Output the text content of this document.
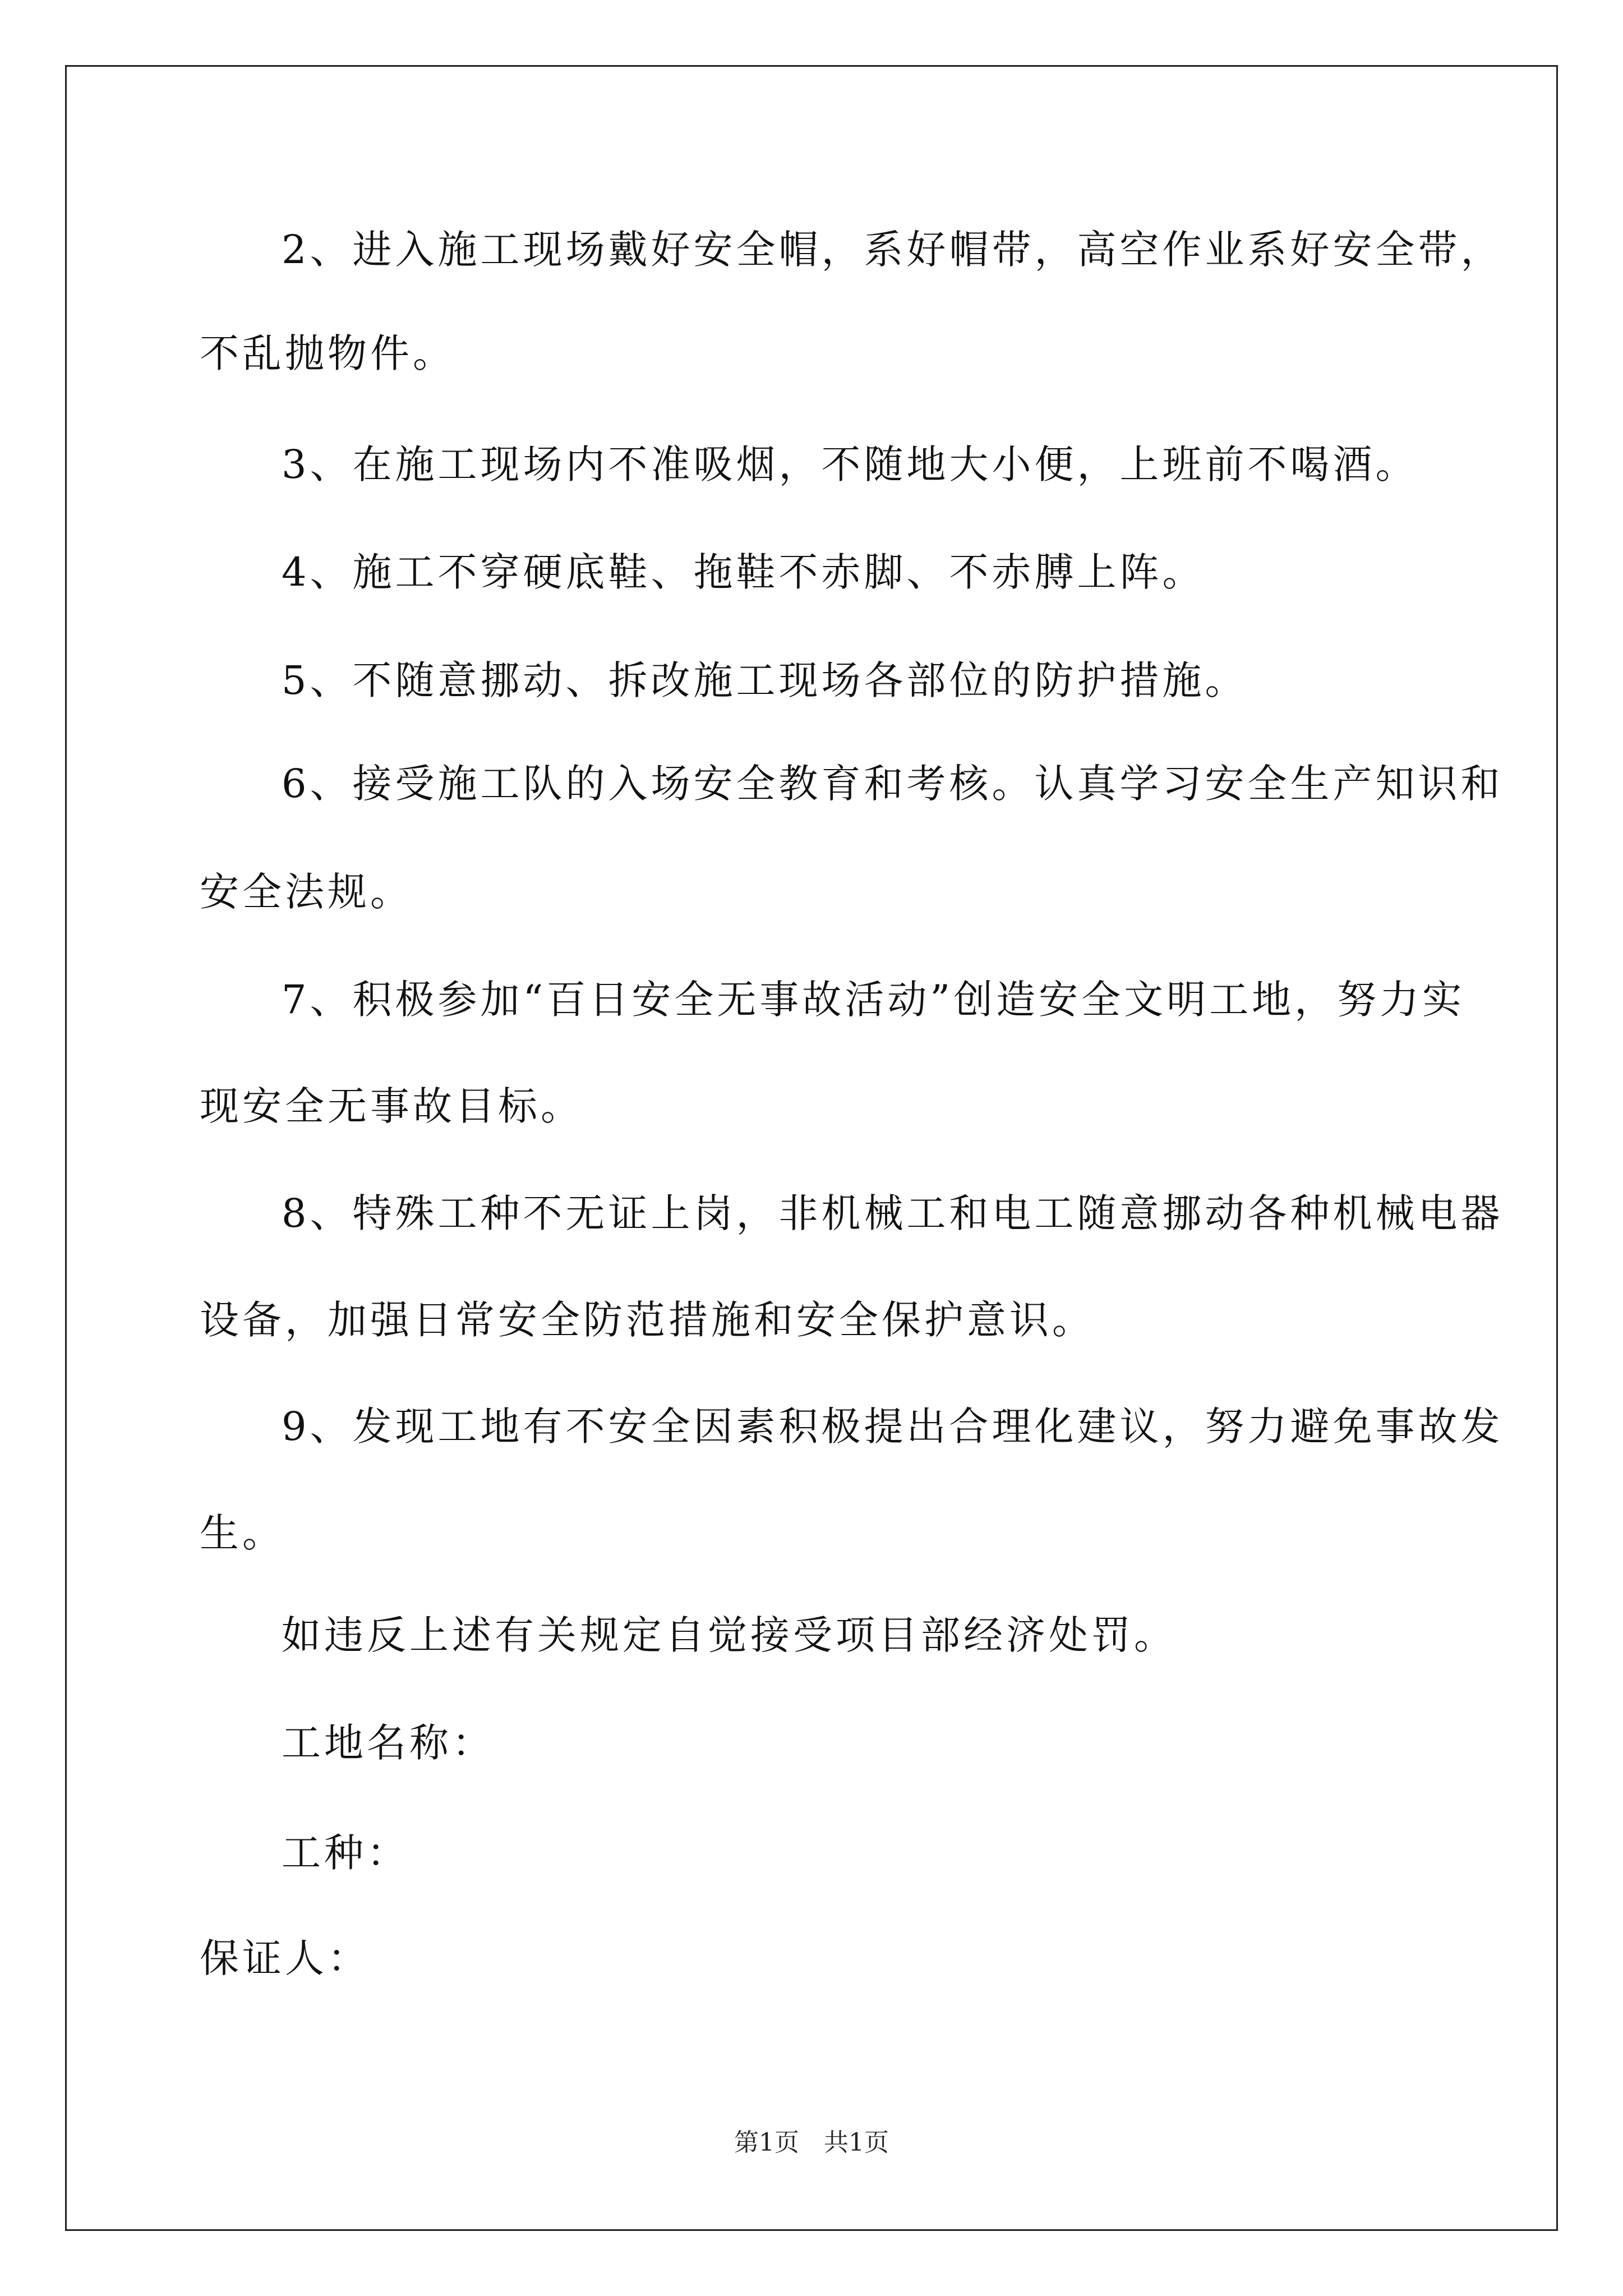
2、进入施工现场戴好安全帽，系好帽带，高空作业系好安全带，
不乱抛物件。
3、在施工现场内不准吸烟，不随地大小便，上班前不喝酒。
4、施工不穿硬底鞋、拖鞋不赤脚、不赤膊上阵。
5、不随意挪动、拆改施工现场各部位的防护措施。
6、接受施工队的入场安全教育和考核。认真学习安全生产知识和
安全法规。
7、积极参加“百日安全无事故活动”创造安全文明工地，努力实
现安全无事故目标。
8、特殊工种不无证上岗，非机械工和电工随意挪动各种机械电器
设备，加强日常安全防范措施和安全保护意识。
9、发现工地有不安全因素积极提出合理化建议，努力避免事故发
生。
如违反上述有关规定自觉接受项目部经济处罚。
工地名称：
工种：
保证人：
第1页　共1页
